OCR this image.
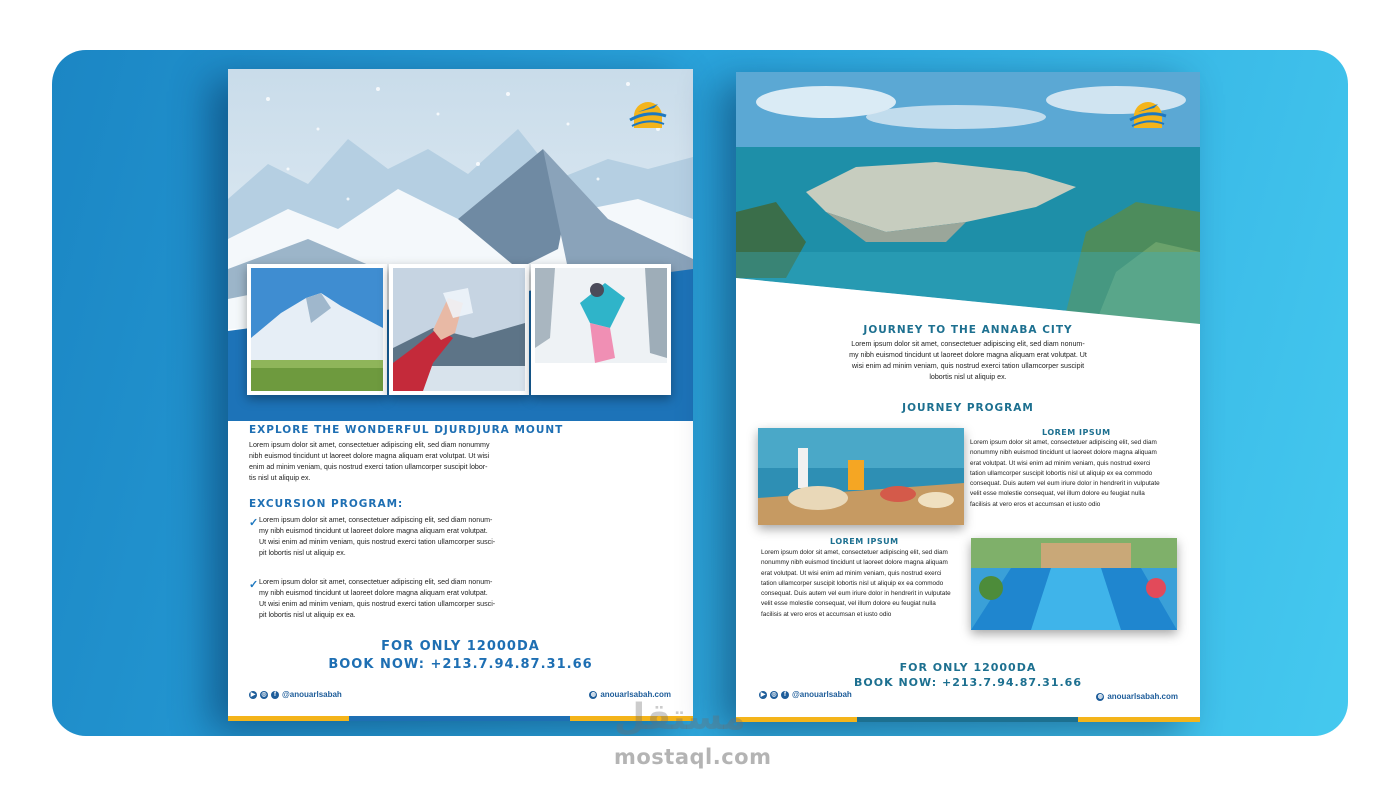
EXPLORE THE WONDERFUL DJURDJURA MOUNT
Lorem ipsum dolor sit amet, consectetuer adipiscing elit, sed diam nonummy
nibh euismod tincidunt ut laoreet dolore magna aliquam erat volutpat. Ut wisi
enim ad minim veniam, quis nostrud exerci tation ullamcorper suscipit lobor-
tis nisl ut aliquip ex.
EXCURSION PROGRAM:
✓ Lorem ipsum dolor sit amet, consectetuer adipiscing elit, sed diam nonum-
my nibh euismod tincidunt ut laoreet dolore magna aliquam erat volutpat.
Ut wisi enim ad minim veniam, quis nostrud exerci tation ullamcorper susci-
pit lobortis nisl ut aliquip ex.
✓ Lorem ipsum dolor sit amet, consectetuer adipiscing elit, sed diam nonum-
my nibh euismod tincidunt ut laoreet dolore magna aliquam erat volutpat.
Ut wisi enim ad minim veniam, quis nostrud exerci tation ullamcorper susci-
pit lobortis nisl ut aliquip ex ea.
FOR ONLY 12000DA
BOOK NOW: +213.7.94.87.31.66
▶ ◎	f @anouarlsabah	◍ anouarlsabah.com
JOURNEY TO THE ANNABA CITY
Lorem ipsum dolor sit amet, consectetuer adipiscing elit, sed diam nonum-
my nibh euismod tincidunt ut laoreet dolore magna aliquam erat volutpat. Ut
wisi enim ad minim veniam, quis nostrud exerci tation ullamcorper suscipit
lobortis nisl ut aliquip ex.
JOURNEY PROGRAM
LOREM IPSUM
Lorem ipsum dolor sit amet, consectetuer adipiscing elit, sed diam
nonummy nibh euismod tincidunt ut laoreet dolore magna aliquam
erat volutpat. Ut wisi enim ad minim veniam, quis nostrud exerci
tation ullamcorper suscipit lobortis nisl ut aliquip ex ea commodo
consequat. Duis autem vel eum iriure dolor in hendrerit in vulputate
velit esse molestie consequat, vel illum dolore eu feugiat nulla
facilisis at vero eros et accumsan et iusto odio
LOREM IPSUM
Lorem ipsum dolor sit amet, consectetuer adipiscing elit, sed diam
nonummy nibh euismod tincidunt ut laoreet dolore magna aliquam
erat volutpat. Ut wisi enim ad minim veniam, quis nostrud exerci
tation ullamcorper suscipit lobortis nisl ut aliquip ex ea commodo
consequat. Duis autem vel eum iriure dolor in hendrerit in vulputate
velit esse molestie consequat, vel illum dolore eu feugiat nulla
facilisis at vero eros et accumsan et iusto odio
FOR ONLY 12000DA
BOOK NOW: +213.7.94.87.31.66
▶ ◎	f @anouarlsabah	◍ anouarlsabah.com
مستقل
mostaql.com
